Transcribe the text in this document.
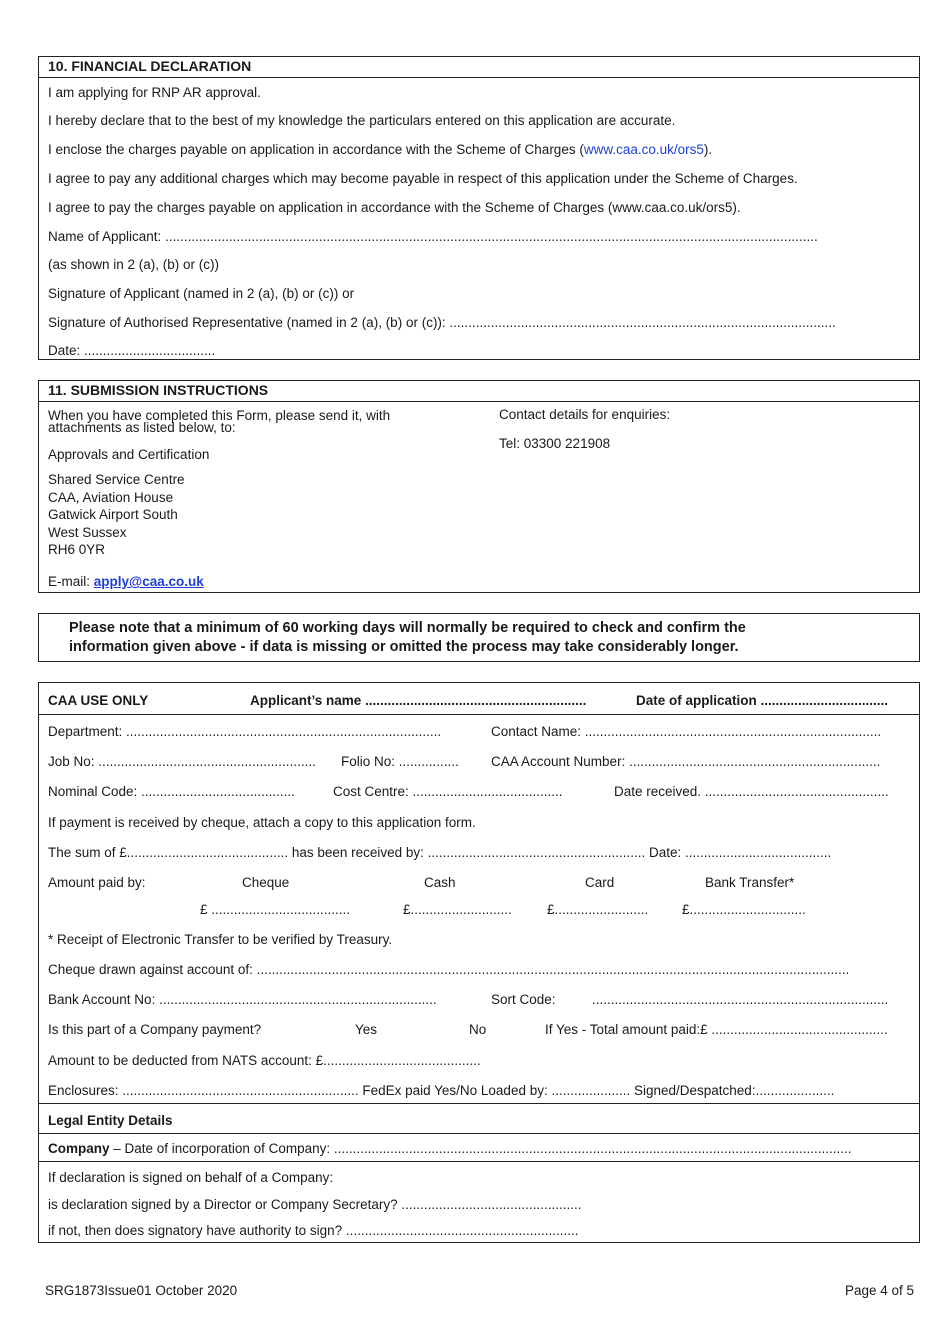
10. FINANCIAL DECLARATION
I am applying for RNP AR approval.
I hereby declare that to the best of my knowledge the particulars entered on this application are accurate.
I enclose the charges payable on application in accordance with the Scheme of Charges (www.caa.co.uk/ors5).
I agree to pay any additional charges which may become payable in respect of this application under the Scheme of Charges.
I agree to pay the charges payable on application in accordance with the Scheme of Charges (www.caa.co.uk/ors5).
Name of Applicant: ..............................................................................................................................................................................
(as shown in 2 (a), (b) or (c))
Signature of Applicant (named in 2 (a), (b) or (c)) or
Signature of Authorised Representative (named in 2 (a), (b) or (c)): .......................................................................................................
Date: ...................................
11. SUBMISSION INSTRUCTIONS
When you have completed this Form, please send it, with
attachments as listed below, to:
Approvals and Certification
Shared Service Centre
CAA, Aviation House
Gatwick Airport South
West Sussex
RH6 0YR
E-mail: apply@caa.co.uk
Contact details for enquiries:
Tel: 03300 221908
Please note that a minimum of 60 working days will normally be required to check and confirm the
information given above - if data is missing or omitted the process may take considerably longer.
CAA USE ONLY	Applicant’s name ...........................................................	Date of application ..................................
Department: ....................................................................................	Contact Name: ...............................................................................
Job No: .......................................................... Folio No: ................ CAA Account Number: ...................................................................
Nominal Code: .........................................	Cost Centre: ........................................	Date received. .................................................
If payment is received by cheque, attach a copy to this application form.
The sum of £........................................... has been received by: .......................................................... Date: .......................................
Amount paid by:	Cheque	Cash	Card	Bank Transfer*
£ .....................................	£...........................	£......................... £...............................
* Receipt of Electronic Transfer to be verified by Treasury.
Cheque drawn against account of: ..............................................................................................................................................................
Bank Account No: ..........................................................................	Sort Code:	...............................................................................
Is this part of a Company payment?	Yes	No	If Yes - Total amount paid:£ ...............................................
Amount to be deducted from NATS account: £..........................................
Enclosures: ............................................................... FedEx paid Yes/No Loaded by: ..................... Signed/Despatched:.....................
Legal Entity Details
Company – Date of incorporation of Company: ..........................................................................................................................................
If declaration is signed on behalf of a Company:
is declaration signed by a Director or Company Secretary? ................................................
if not, then does signatory have authority to sign? ..............................................................
SRG1873Issue01 October 2020	Page 4 of 5
